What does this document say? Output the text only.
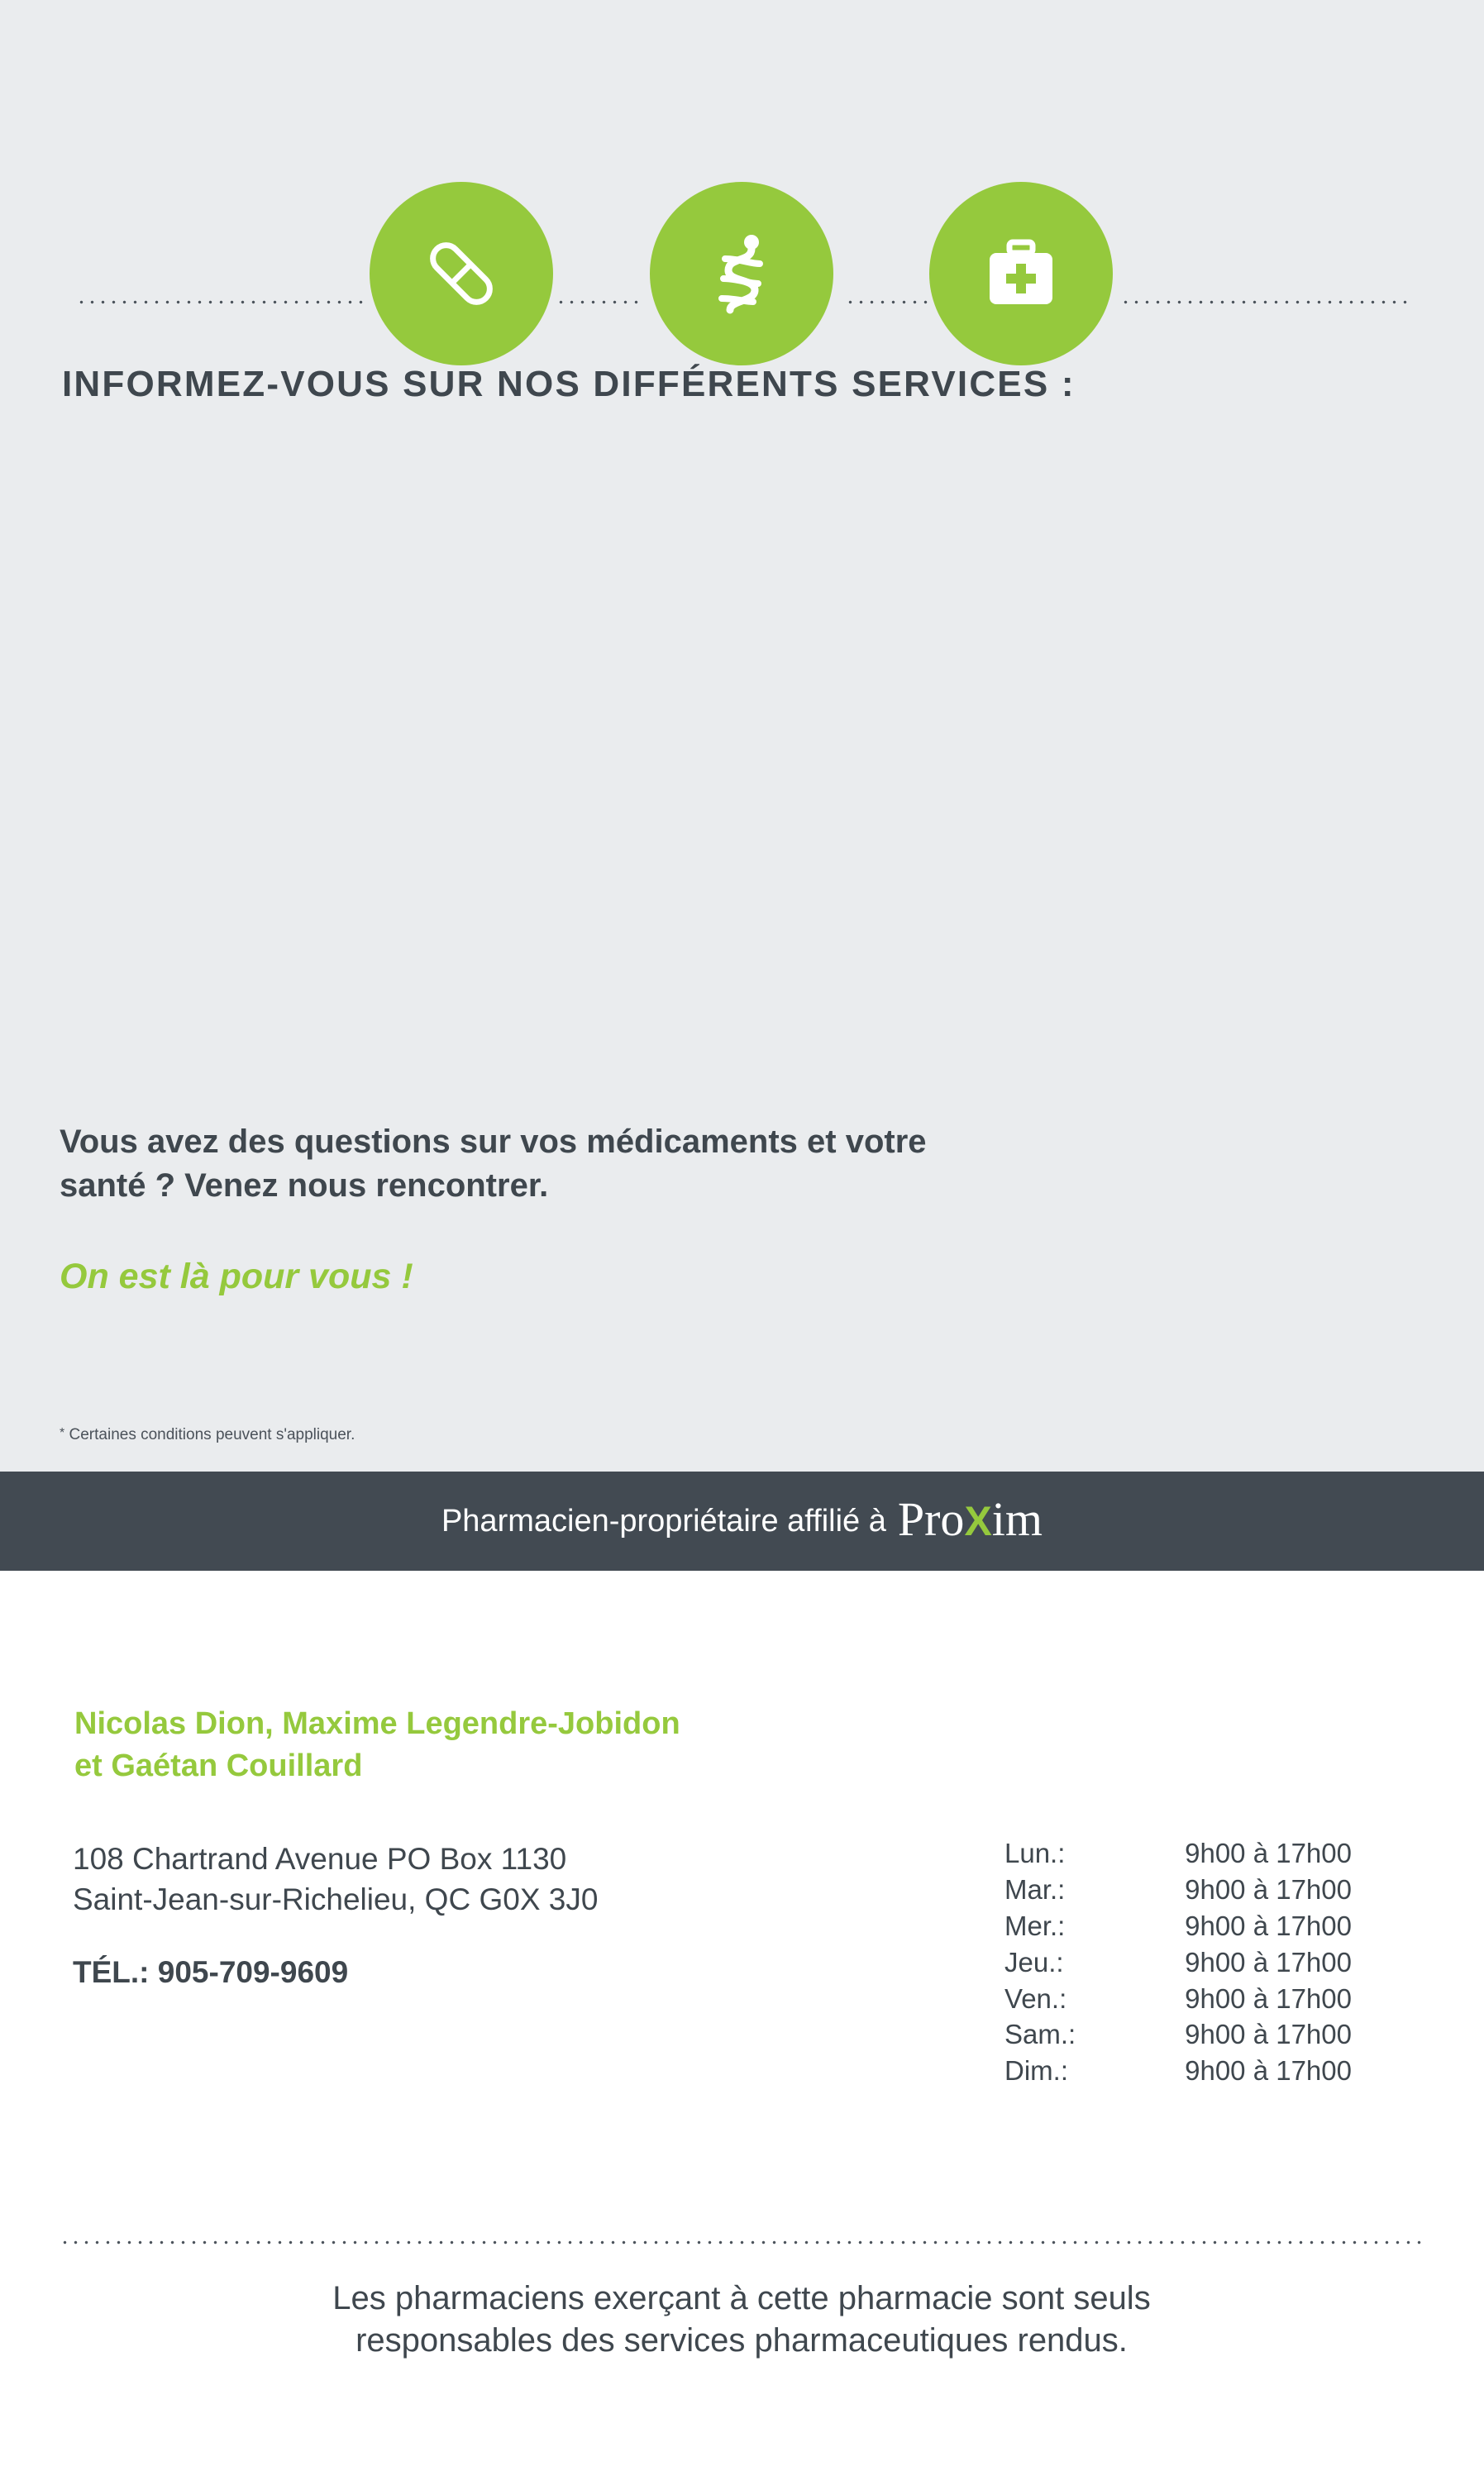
INFORMEZ-VOUS SUR NOS DIFFÉRENTS SERVICES :
Vous avez des questions sur vos médicaments et votre
santé ? Venez nous rencontrer.
On est là pour vous !
* Certaines conditions peuvent s'appliquer.
Pharmacien-propriétaire affilié à ProXim
Nicolas Dion, Maxime Legendre-Jobidon
et Gaétan Couillard
108 Chartrand Avenue PO Box 1130
Saint-Jean-sur-Richelieu, QC G0X 3J0
TÉL.: 905-709-9609
Lun.:	9h00 à 17h00
Mar.:	9h00 à 17h00
Mer.:	9h00 à 17h00
Jeu.:	9h00 à 17h00
Ven.:	9h00 à 17h00
Sam.:	9h00 à 17h00
Dim.:	9h00 à 17h00
Les pharmaciens exerçant à cette pharmacie sont seuls
responsables des services pharmaceutiques rendus.
